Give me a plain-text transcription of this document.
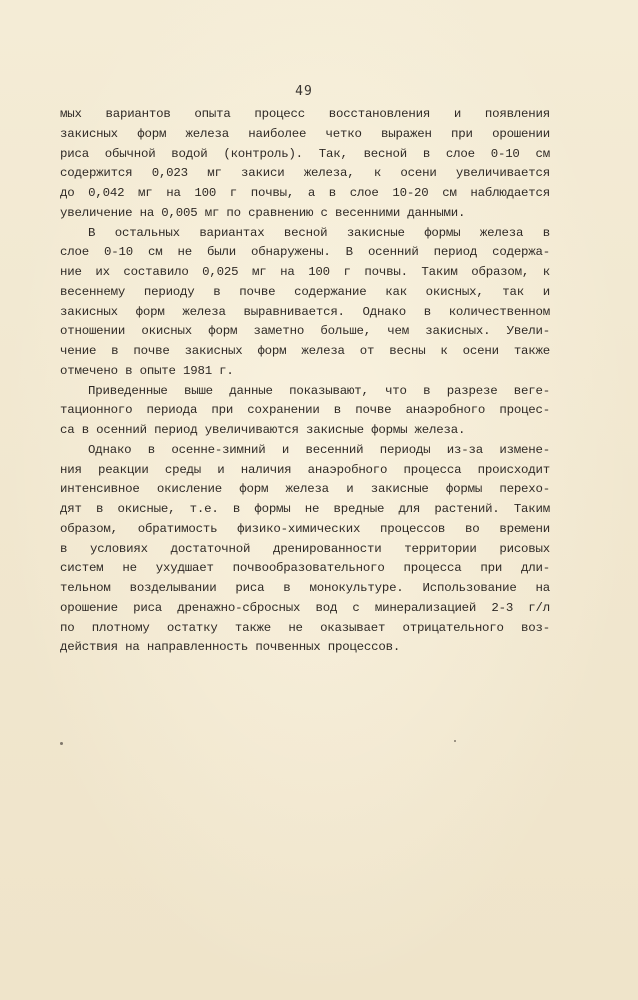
49
мых вариантов опыта процесс восстановления и появления
закисных форм железа наиболее четко выражен при орошении
риса обычной водой (контроль). Так, весной в слое 0-10 см
содержится 0,023 мг закиси железа, к осени увеличивается
до 0,042 мг на 100 г почвы, а в слое 10-20 см наблюдается
увеличение на 0,005 мг по сравнению с весенними данными.
В остальных вариантах весной закисные формы железа в
слое 0-10 см не были обнаружены. В осенний период содержа-
ние их составило 0,025 мг на 100 г почвы. Таким образом, к
весеннему периоду в почве содержание как окисных, так и
закисных форм железа выравнивается. Однако в количественном
отношении окисных форм заметно больше, чем закисных. Увели-
чение в почве закисных форм железа от весны к осени также
отмечено в опыте 1981 г.
Приведенные выше данные показывают, что в разрезе веге-
тационного периода при сохранении в почве анаэробного процес-
са в осенний период увеличиваются закисные формы железа.
Однако в осенне-зимний и весенний периоды из-за измене-
ния реакции среды и наличия анаэробного процесса происходит
интенсивное окисление форм железа и закисные формы перехо-
дят в окисные, т.е. в формы не вредные для растений. Таким
образом, обратимость физико-химических процессов во времени
в условиях достаточной дренированности территории рисовых
систем не ухудшает почвообразовательного процесса при дли-
тельном возделывании риса в монокультуре. Использование на
орошение риса дренажно-сбросных вод с минерализацией 2-3 г/л
по плотному остатку также не оказывает отрицательного воз-
действия на направленность почвенных процессов.
